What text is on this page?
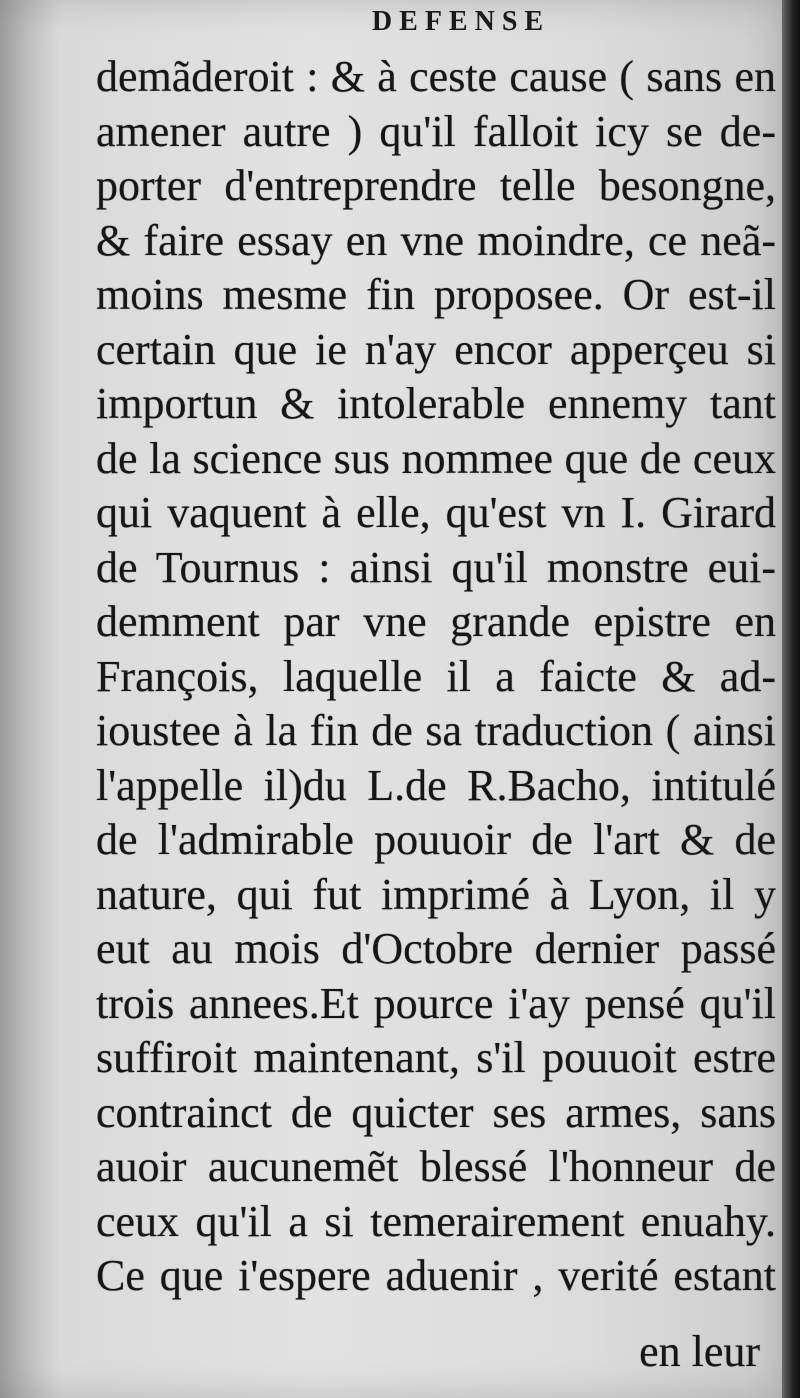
DEFENSE
demãderoit : & à ceste cause ( sans en
amener autre ) qu'il falloit icy se de-
porter d'entreprendre telle besongne,
& faire essay en vne moindre, ce neã-
moins mesme fin proposee. Or est-il
certain que ie n'ay encor apperçeu si
importun & intolerable ennemy tant
de la science sus nommee que de ceux
qui vaquent à elle, qu'est vn I. Girard
de Tournus : ainsi qu'il monstre eui-
demment par vne grande epistre en
François, laquelle il a faicte & ad-
ioustee à la fin de sa traduction ( ainsi
l'appelle il)du L.de R.Bacho, intitulé
de l'admirable pouuoir de l'art & de
nature, qui fut imprimé à Lyon, il y
eut au mois d'Octobre dernier passé
trois annees.Et pource i'ay pensé qu'il
suffiroit maintenant, s'il pouuoit estre
contrainct de quicter ses armes, sans
auoir aucunemẽt blessé l'honneur de
ceux qu'il a si temerairement enuahy.
Ce que i'espere aduenir , verité estant
en leur
